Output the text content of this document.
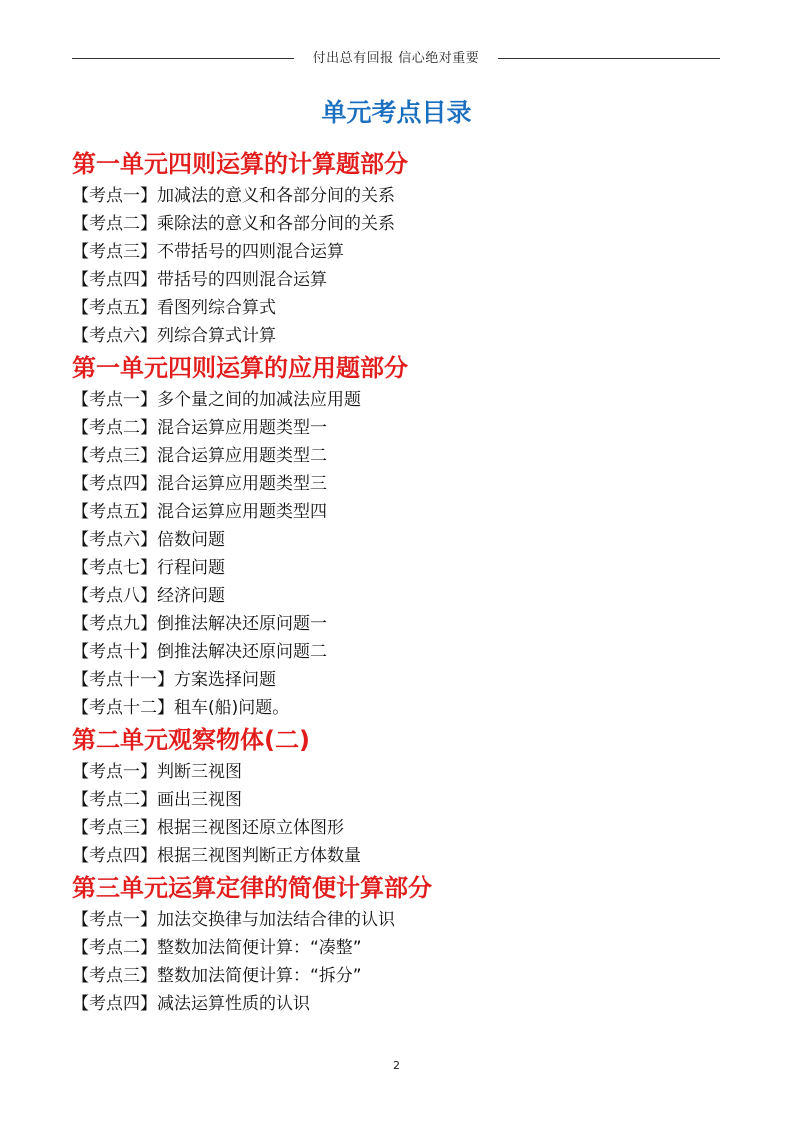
付出总有回报 信心绝对重要
单元考点目录
第一单元四则运算的计算题部分
【考点一】加减法的意义和各部分间的关系
【考点二】乘除法的意义和各部分间的关系
【考点三】不带括号的四则混合运算
【考点四】带括号的四则混合运算
【考点五】看图列综合算式
【考点六】列综合算式计算
第一单元四则运算的应用题部分
【考点一】多个量之间的加减法应用题
【考点二】混合运算应用题类型一
【考点三】混合运算应用题类型二
【考点四】混合运算应用题类型三
【考点五】混合运算应用题类型四
【考点六】倍数问题
【考点七】行程问题
【考点八】经济问题
【考点九】倒推法解决还原问题一
【考点十】倒推法解决还原问题二
【考点十一】方案选择问题
【考点十二】租车(船)问题。
第二单元观察物体(二)
【考点一】判断三视图
【考点二】画出三视图
【考点三】根据三视图还原立体图形
【考点四】根据三视图判断正方体数量
第三单元运算定律的简便计算部分
【考点一】加法交换律与加法结合律的认识
【考点二】整数加法简便计算：“凑整”
【考点三】整数加法简便计算：“拆分”
【考点四】减法运算性质的认识
2
